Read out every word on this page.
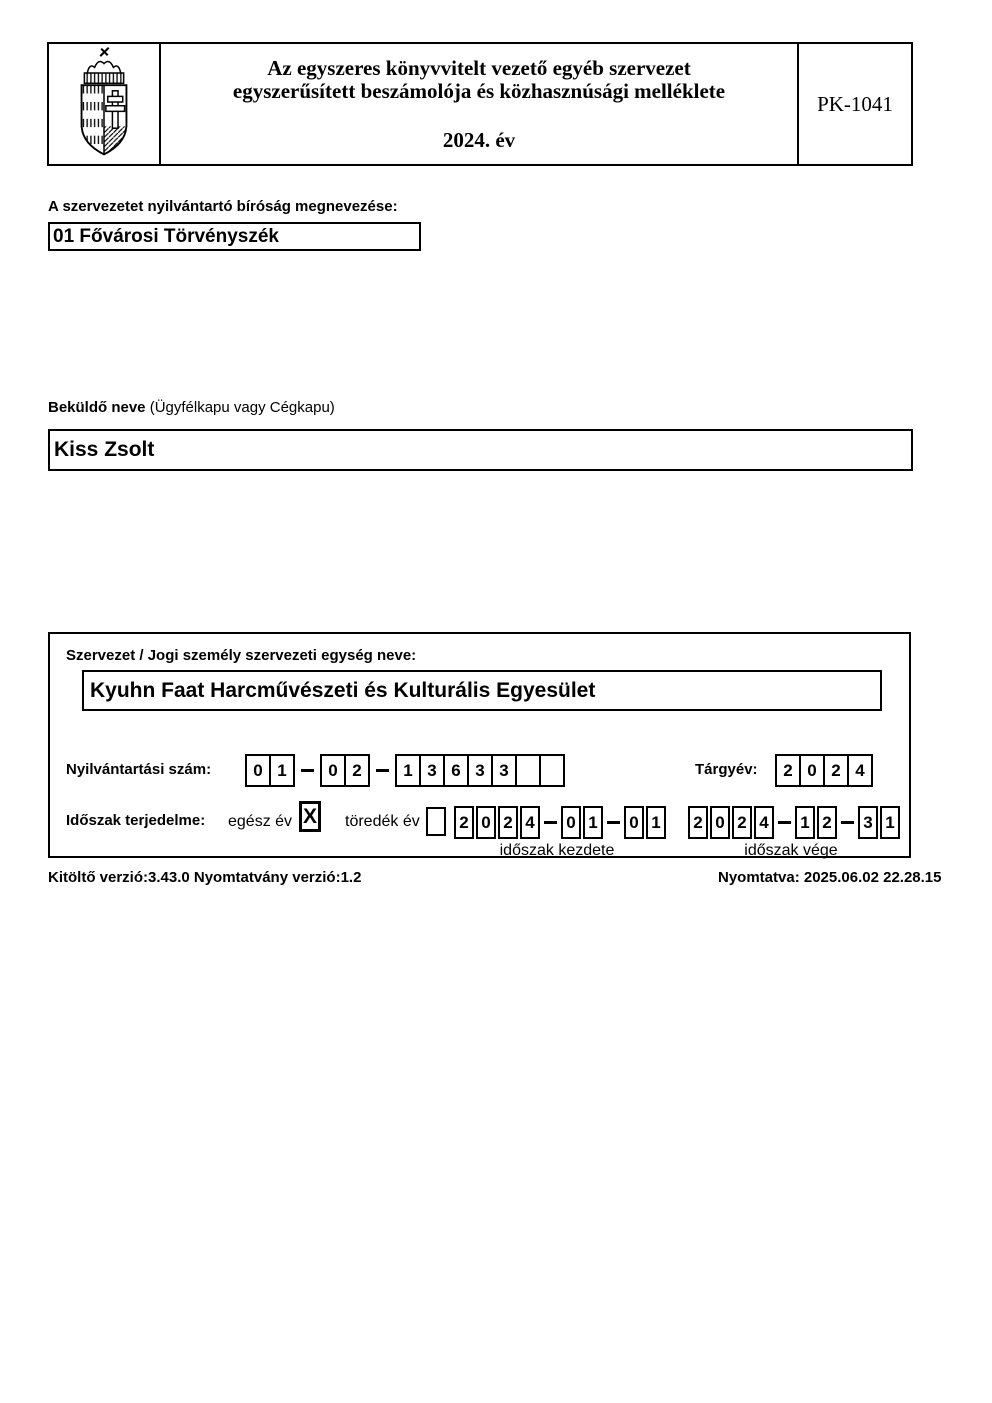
Az egyszeres könyvvitelt vezető egyéb szervezet
egyszerűsített beszámolója és közhasznúsági melléklete
2024. év
PK-1041
A szervezetet nyilvántartó bíróság megnevezése:
01 Fővárosi Törvényszék
Beküldő neve (Ügyfélkapu vagy Cégkapu)
Kiss Zsolt
Szervezet / Jogi személy szervezeti egység neve:
Kyuhn Faat Harcművészeti és Kulturális Egyesület
Nyilvántartási szám:	0 1	0 2	1 3 6 3 3	Tárgyév:	2 0 2 4
Időszak terjedelme: egész év X töredék év	2 0 2 4	0 1	0 1
időszak kezdete
2 0 2 4	1 2	3 1
időszak vége
Kitöltő verzió:3.43.0 Nyomtatvány verzió:1.2	Nyomtatva: 2025.06.02 22.28.15
